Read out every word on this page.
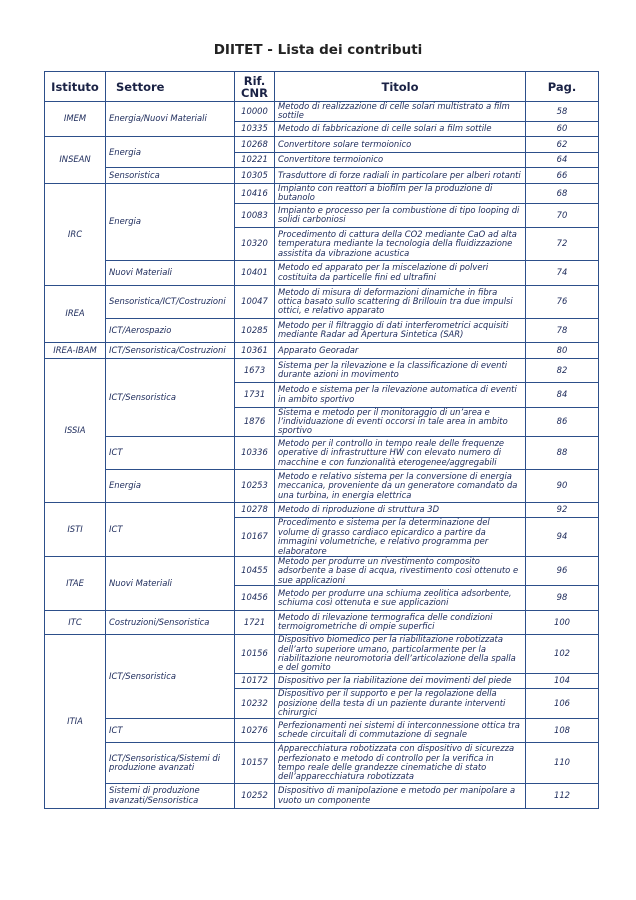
DIITET - Lista dei contributi
Istituto	Settore	Rif. CNR	Titolo	Pag.
IMEM	Energia/Nuovi Materiali	10000	Metodo di realizzazione di celle solari multistrato a film sottile	58
		10335	Metodo di fabbricazione di celle solari a film sottile	60
INSEAN	Energia	10268	Convertitore solare termoionico	62
		10221	Convertitore termoionico	64
	Sensoristica	10305	Trasduttore di forze radiali in particolare per alberi rotanti	66
IRC	Energia	10416	Impianto con reattori a biofilm per la produzione di butanolo	68
		10083	Impianto e processo per la combustione di tipo looping di solidi carboniosi	70
		10320	Procedimento di cattura della CO2 mediante CaO ad alta temperatura mediante la tecnologia della fluidizzazione assistita da vibrazione acustica	72
	Nuovi Materiali	10401	Metodo ed apparato per la miscelazione di polveri costituita da particelle fini ed ultrafini	74
IREA	Sensoristica/ICT/Costruzioni	10047	Metodo di misura di deformazioni dinamiche in fibra ottica basato sullo scattering di Brillouin tra due impulsi ottici, e relativo apparato	76
	ICT/Aerospazio	10285	Metodo per il filtraggio di dati interferometrici acquisiti mediante Radar ad Apertura Sintetica (SAR)	78
IREA-IBAM	ICT/Sensoristica/Costruzioni	10361	Apparato Georadar	80
ISSIA	ICT/Sensoristica	1673	Sistema per la rilevazione e la classificazione di eventi durante azioni in movimento	82
		1731	Metodo e sistema per la rilevazione automatica di eventi in ambito sportivo	84
		1876	Sistema e metodo per il monitoraggio di un’area e l’individuazione di eventi occorsi in tale area in ambito sportivo	86
	ICT	10336	Metodo per il controllo in tempo reale delle frequenze operative di infrastrutture HW con elevato numero di macchine e con funzionalità eterogenee/aggregabili	88
	Energia	10253	Metodo e relativo sistema per la conversione di energia meccanica, proveniente da un generatore comandato da una turbina, in energia elettrica	90
ISTI	ICT	10278	Metodo di riproduzione di struttura 3D	92
		10167	Procedimento e sistema per la determinazione del volume di grasso cardiaco epicardico a partire da immagini volumetriche, e relativo programma per elaboratore	94
ITAE	Nuovi Materiali	10455	Metodo per produrre un rivestimento composito adsorbente a base di acqua, rivestimento così ottenuto e sue applicazioni	96
		10456	Metodo per produrre una schiuma zeolitica adsorbente, schiuma così ottenuta e sue applicazioni	98
ITC	Costruzioni/Sensoristica	1721	Metodo di rilevazione termografica delle condizioni termoigrometriche di ompie superfici	100
ITIA	ICT/Sensoristica	10156	Dispositivo biomedico per la riabilitazione robotizzata dell’arto superiore umano, particolarmente per la riabilitazione neuromotoria dell’articolazione della spalla e del gomito	102
		10172	Dispositivo per la riabilitazione dei movimenti del piede	104
		10232	Dispositivo per il supporto e per la regolazione della posizione della testa di un paziente durante interventi chirurgici	106
	ICT	10276	Perfezionamenti nei sistemi di interconnessione ottica tra schede circuitali di commutazione di segnale	108
	ICT/Sensoristica/Sistemi di produzione avanzati	10157	Apparecchiatura robotizzata con dispositivo di sicurezza perfezionato e metodo di controllo per la verifica in tempo reale delle grandezze cinematiche di stato dell’apparecchiatura robotizzata	110
	Sistemi di produzione avanzati/Sensoristica	10252	Dispositivo di manipolazione e metodo per manipolare a vuoto un componente	112
